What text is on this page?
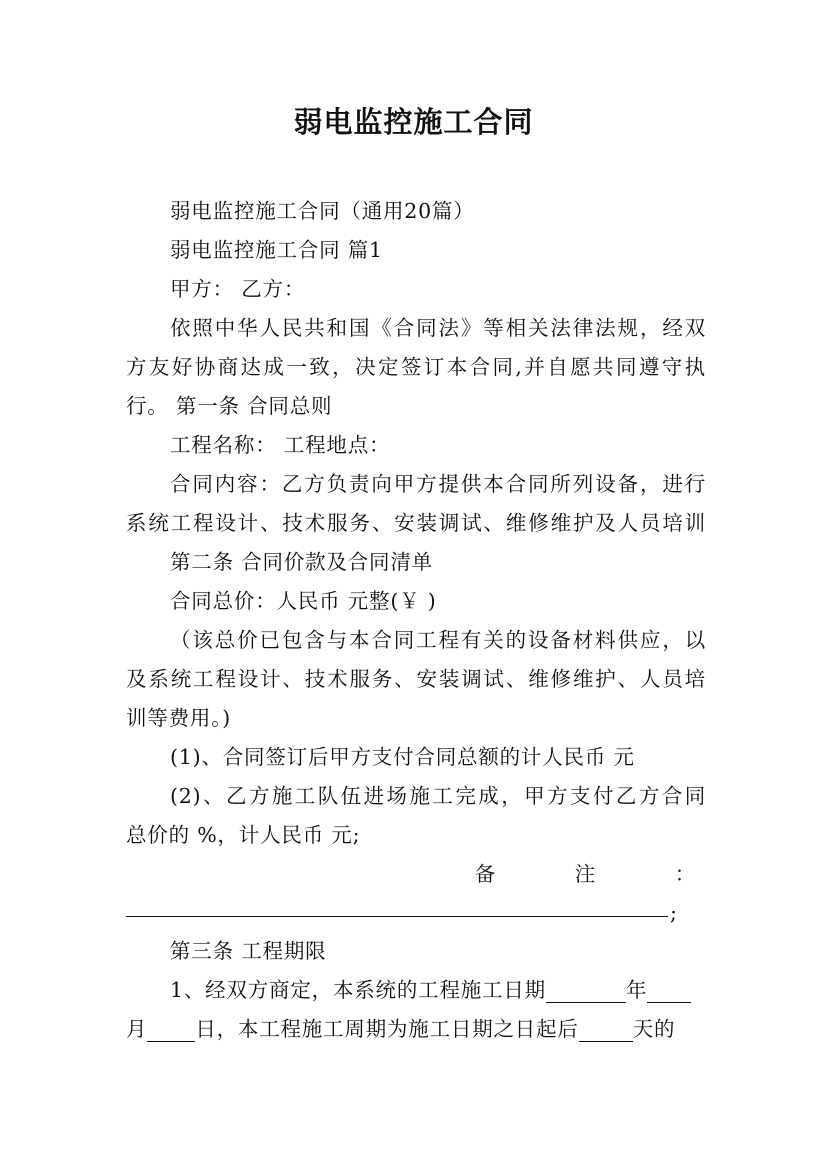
弱电监控施工合同
弱电监控施工合同（通用20篇）
弱电监控施工合同 篇1
甲方： 乙方：
依照中华人民共和国《合同法》等相关法律法规，经双
方友好协商达成一致，决定签订本合同,并自愿共同遵守执
行。 第一条 合同总则
工程名称： 工程地点：
合同内容：乙方负责向甲方提供本合同所列设备，进行
系统工程设计、技术服务、安装调试、维修维护及人员培训
第二条 合同价款及合同清单
合同总价：人民币 元整(￥ )
（该总价已包含与本合同工程有关的设备材料供应，以
及系统工程设计、技术服务、安装调试、维修维护、人员培
训等费用。)
(1)、合同签订后甲方支付合同总额的计人民币 元
(2)、乙方施工队伍进场施工完成，甲方支付乙方合同
总价的 %，计人民币 元;
备	注	：
;
第三条 工程期限
1、经双方商定，本系统的工程施工日期	年
月 日，本工程施工周期为施工日期之日起后	天的
